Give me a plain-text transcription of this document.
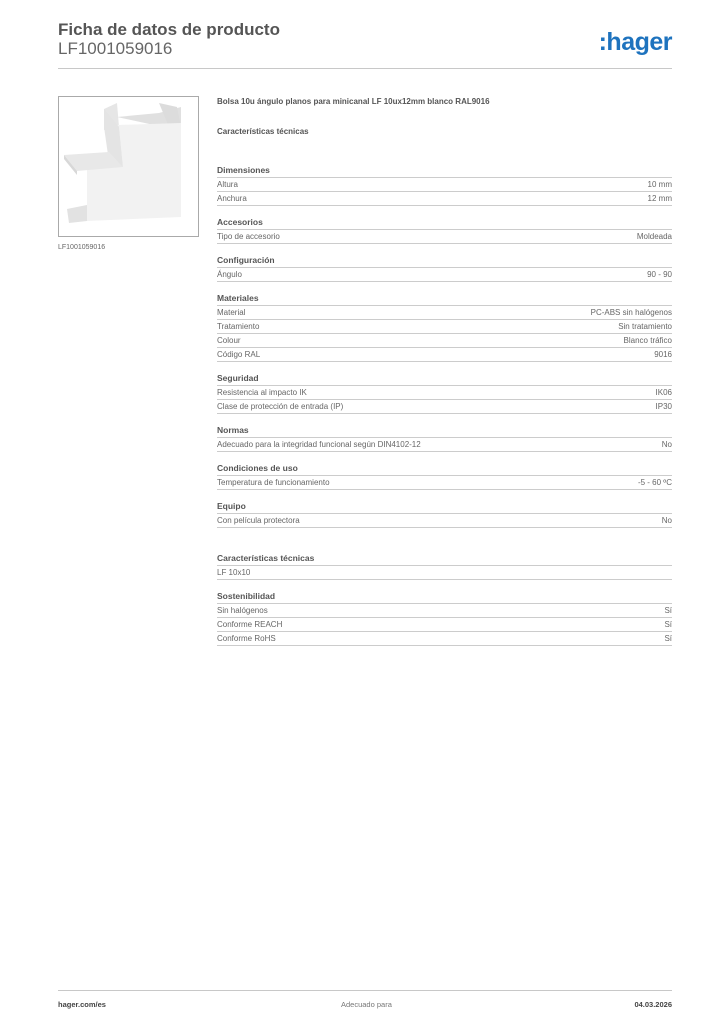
Ficha de datos de producto
LF1001059016	:hager
LF1001059016
Bolsa 10u ángulo planos para minicanal LF 10ux12mm blanco RAL9016
Características técnicas
Dimensiones
Altura	10 mm
Anchura	12 mm
Accesorios
Tipo de accesorio	Moldeada
Configuración
Ángulo	90 - 90
Materiales
Material	PC-ABS sin halógenos
Tratamiento	Sin tratamiento
Colour	Blanco tráfico
Código RAL	9016
Seguridad
Resistencia al impacto IK	IK06
Clase de protección de entrada (IP)	IP30
Normas
Adecuado para la integridad funcional según DIN4102-12	No
Condiciones de uso
Temperatura de funcionamiento	-5 - 60 ºC
Equipo
Con película protectora	No
Características técnicas
LF 10x10
Sostenibilidad
Sin halógenos	Sí
Conforme REACH	Sí
Conforme RoHS	Sí
hager.com/es	Adecuado para	04.03.2026
